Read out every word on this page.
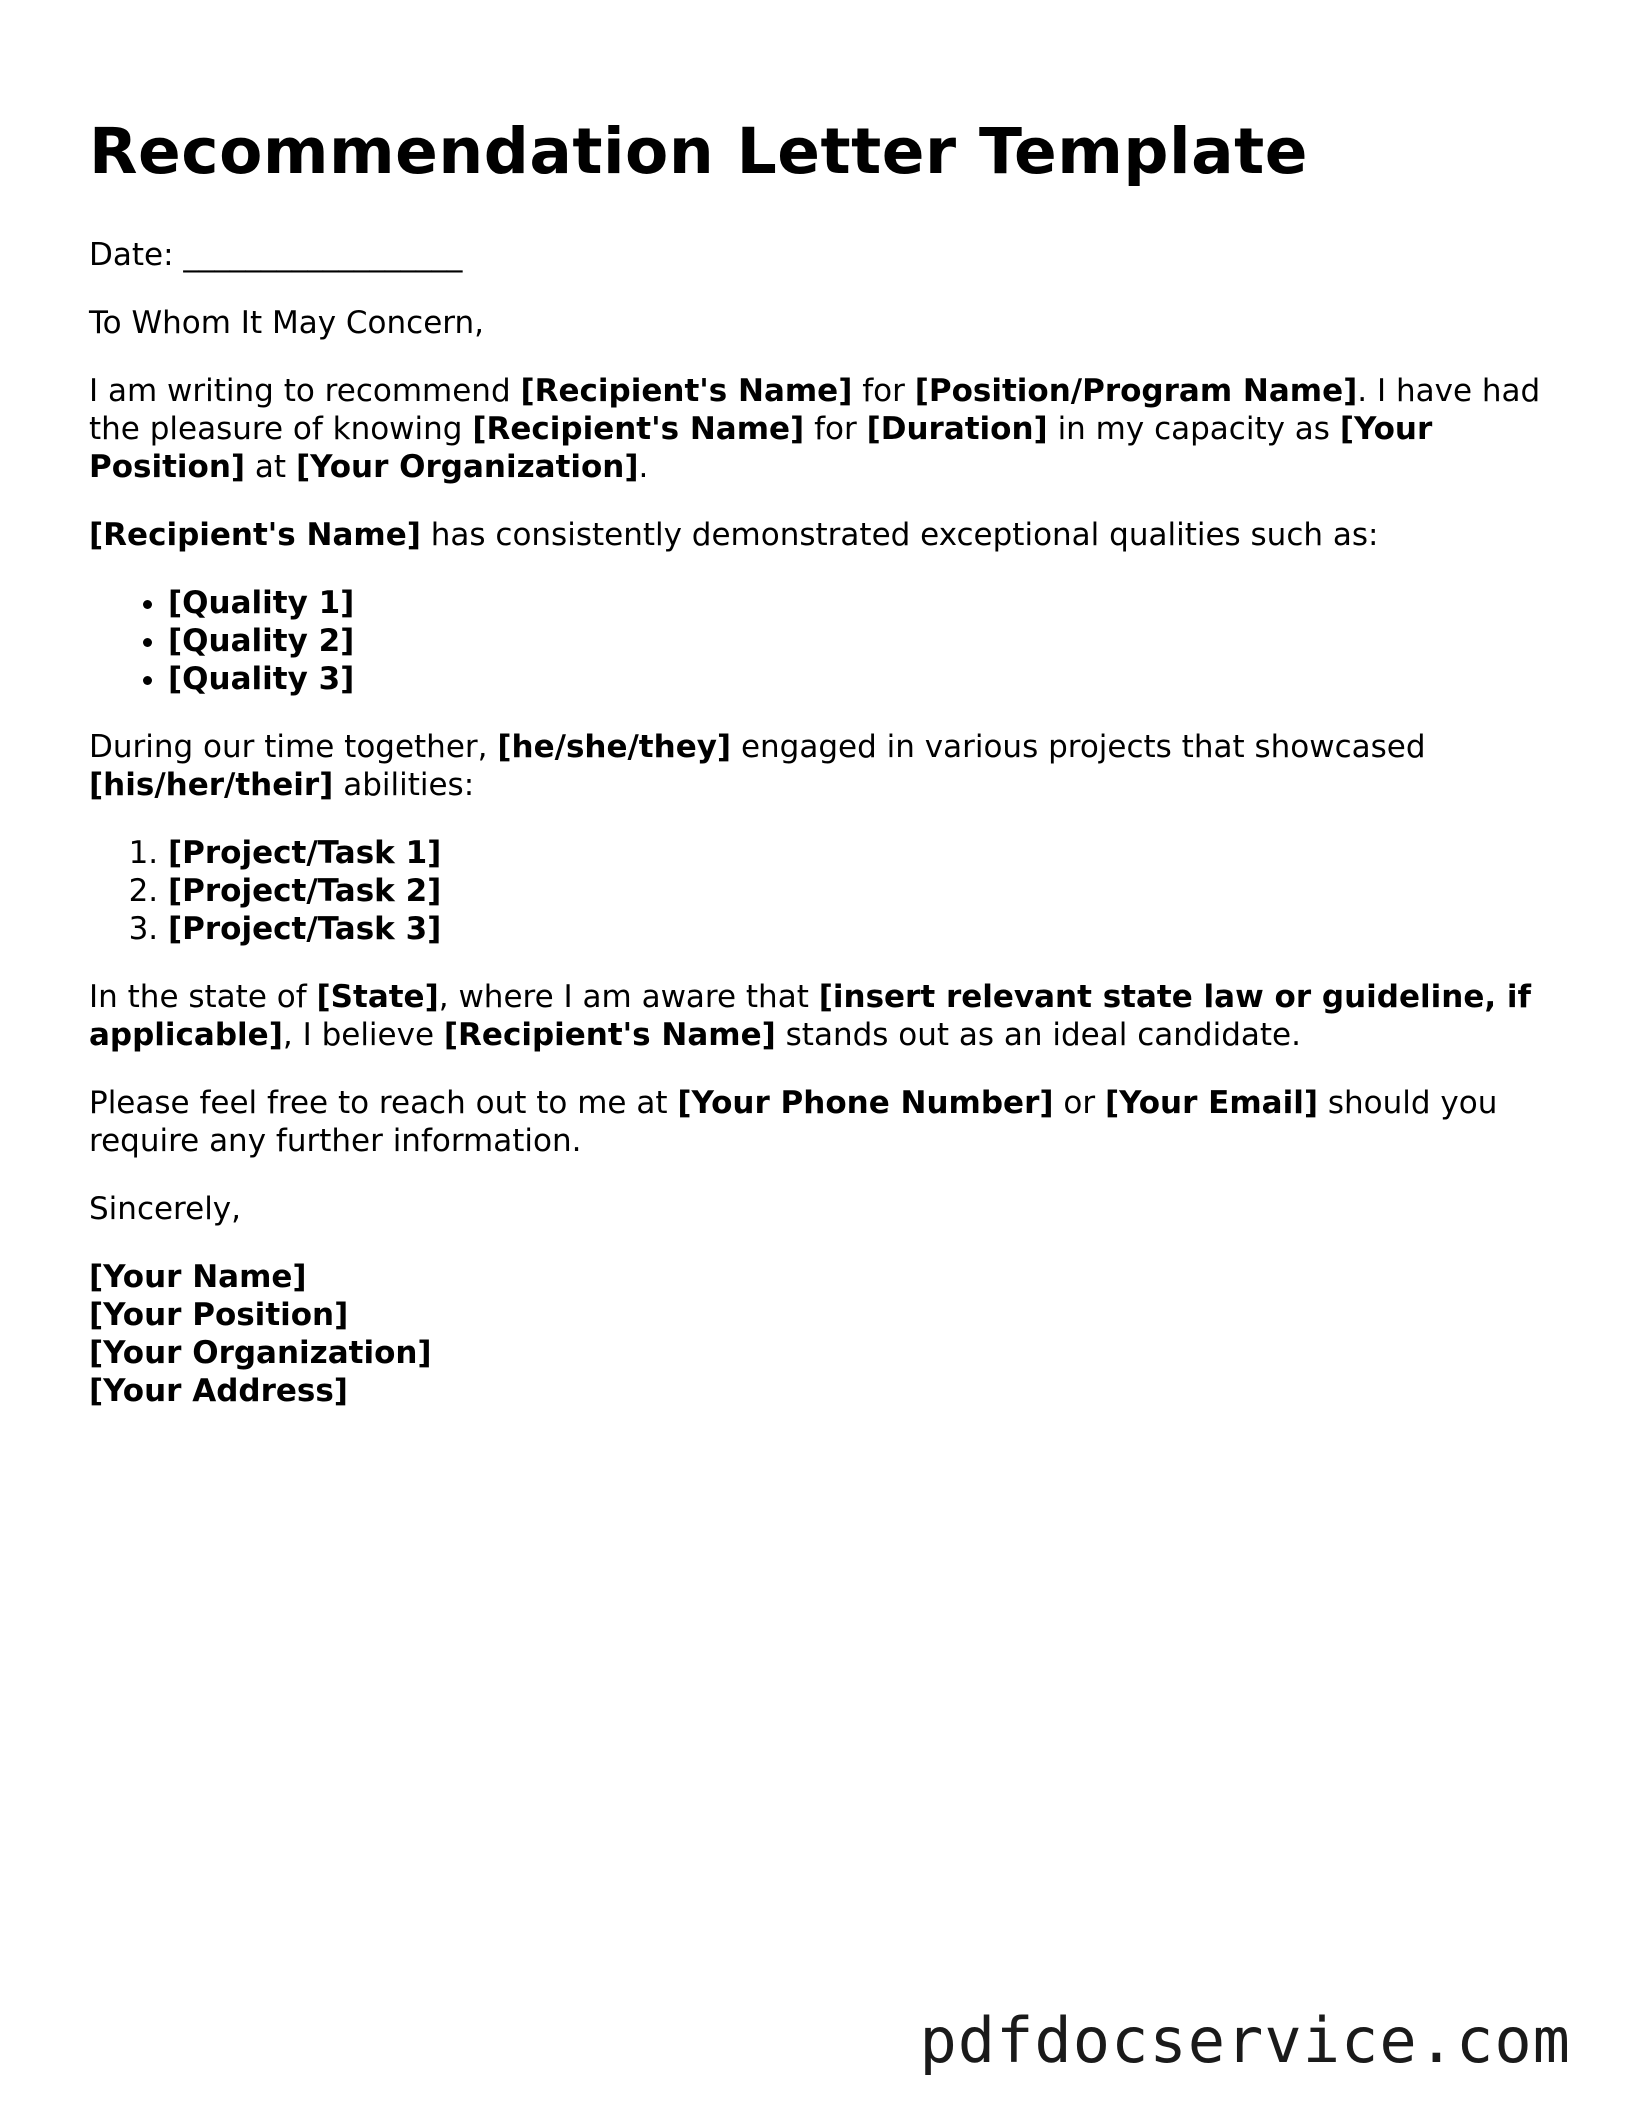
Recommendation Letter Template

Date: __________________

To Whom It May Concern,

I am writing to recommend [Recipient's Name] for [Position/Program Name]. I have had the pleasure of knowing [Recipient's Name] for [Duration] in my capacity as [Your Position] at [Your Organization].

[Recipient's Name] has consistently demonstrated exceptional qualities such as:

• [Quality 1]
• [Quality 2]
• [Quality 3]

During our time together, [he/she/they] engaged in various projects that showcased [his/her/their] abilities:

1. [Project/Task 1]
2. [Project/Task 2]
3. [Project/Task 3]

In the state of [State], where I am aware that [insert relevant state law or guideline, if applicable], I believe [Recipient's Name] stands out as an ideal candidate.

Please feel free to reach out to me at [Your Phone Number] or [Your Email] should you require any further information.

Sincerely,

[Your Name]
[Your Position]
[Your Organization]
[Your Address]
pdfdocservice.com
